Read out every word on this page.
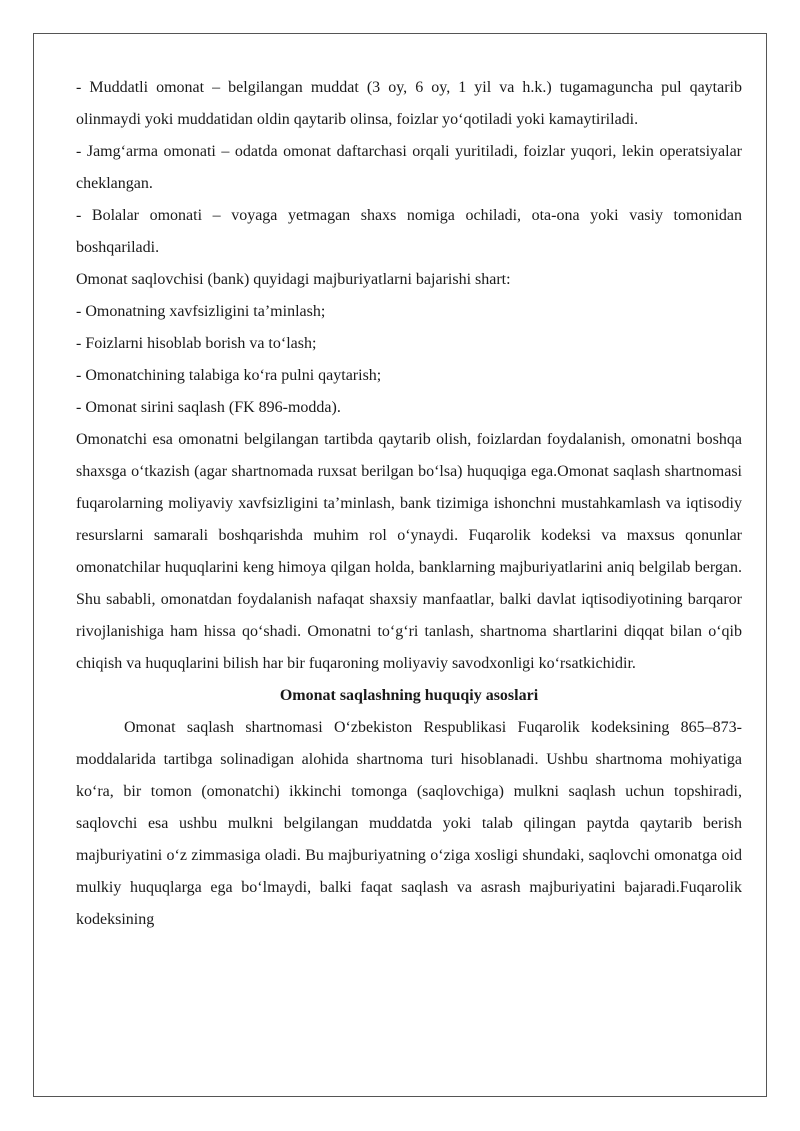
- Muddatli omonat – belgilangan muddat (3 oy, 6 oy, 1 yil va h.k.) tugamaguncha pul qaytarib olinmaydi yoki muddatidan oldin qaytarib olinsa, foizlar yo‘qotiladi yoki kamaytiriladi.

- Jamg‘arma omonati – odatda omonat daftarchasi orqali yuritiladi, foizlar yuqori, lekin operatsiyalar cheklangan.

- Bolalar omonati – voyaga yetmagan shaxs nomiga ochiladi, ota-ona yoki vasiy tomonidan boshqariladi.

Omonat saqlovchisi (bank) quyidagi majburiyatlarni bajarishi shart:

- Omonatning xavfsizligini ta’minlash;

- Foizlarni hisoblab borish va to‘lash;

- Omonatchining talabiga ko‘ra pulni qaytarish;

- Omonat sirini saqlash (FK 896-modda).

Omonatchi esa omonatni belgilangan tartibda qaytarib olish, foizlardan foydalanish, omonatni boshqa shaxsga o‘tkazish (agar shartnomada ruxsat berilgan bo‘lsa) huquqiga ega.Omonat saqlash shartnomasi fuqarolarning moliyaviy xavfsizligini ta’minlash, bank tizimiga ishonchni mustahkamlash va iqtisodiy resurslarni samarali boshqarishda muhim rol o‘ynaydi. Fuqarolik kodeksi va maxsus qonunlar omonatchilar huquqlarini keng himoya qilgan holda, banklarning majburiyatlarini aniq belgilab bergan. Shu sababli, omonatdan foydalanish nafaqat shaxsiy manfaatlar, balki davlat iqtisodiyotining barqaror rivojlanishiga ham hissa qo‘shadi. Omonatni to‘g‘ri tanlash, shartnoma shartlarini diqqat bilan o‘qib chiqish va huquqlarini bilish har bir fuqaroning moliyaviy savodxonligi ko‘rsatkichidir.

Omonat saqlashning huquqiy asoslari

Omonat saqlash shartnomasi O‘zbekiston Respublikasi Fuqarolik kodeksining 865–873-moddalarida tartibga solinadigan alohida shartnoma turi hisoblanadi. Ushbu shartnoma mohiyatiga ko‘ra, bir tomon (omonatchi) ikkinchi tomonga (saqlovchiga) mulkni saqlash uchun topshiradi, saqlovchi esa ushbu mulkni belgilangan muddatda yoki talab qilingan paytda qaytarib berish majburiyatini o‘z zimmasiga oladi. Bu majburiyatning o‘ziga xosligi shundaki, saqlovchi omonatga oid mulkiy huquqlarga ega bo‘lmaydi, balki faqat saqlash va asrash majburiyatini bajaradi.Fuqarolik kodeksining
